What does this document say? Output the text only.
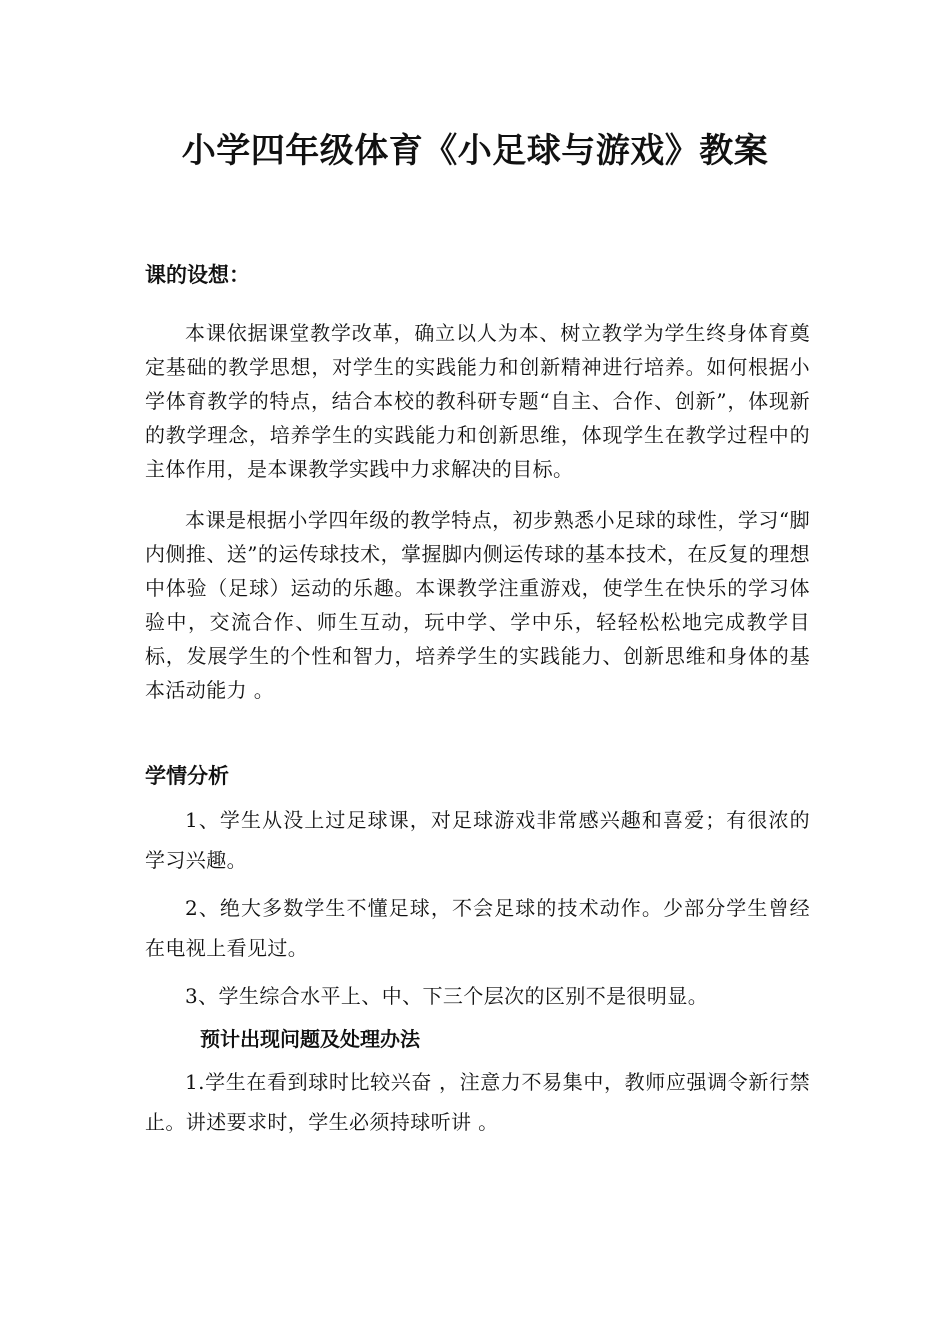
小学四年级体育《小足球与游戏》教案
课的设想：
本课依据课堂教学改革，确立以人为本、树立教学为学生终身体育奠定基础的教学思想，对学生的实践能力和创新精神进行培养。如何根据小学体育教学的特点，结合本校的教科研专题“自主、合作、创新”，体现新的教学理念，培养学生的实践能力和创新思维，体现学生在教学过程中的主体作用，是本课教学实践中力求解决的目标。
本课是根据小学四年级的教学特点，初步熟悉小足球的球性，学习“脚内侧推、送”的运传球技术，掌握脚内侧运传球的基本技术，在反复的理想中体验（足球）运动的乐趣。本课教学注重游戏，使学生在快乐的学习体验中，交流合作、师生互动，玩中学、学中乐，轻轻松松地完成教学目标，发展学生的个性和智力，培养学生的实践能力、创新思维和身体的基本活动能力 。
学情分析
1、学生从没上过足球课，对足球游戏非常感兴趣和喜爱；有很浓的学习兴趣。
2、绝大多数学生不懂足球，不会足球的技术动作。少部分学生曾经在电视上看见过。
3、学生综合水平上、中、下三个层次的区别不是很明显。
预计出现问题及处理办法
1.学生在看到球时比较兴奋 ，注意力不易集中，教师应强调令新行禁止。讲述要求时，学生必须持球听讲 。
